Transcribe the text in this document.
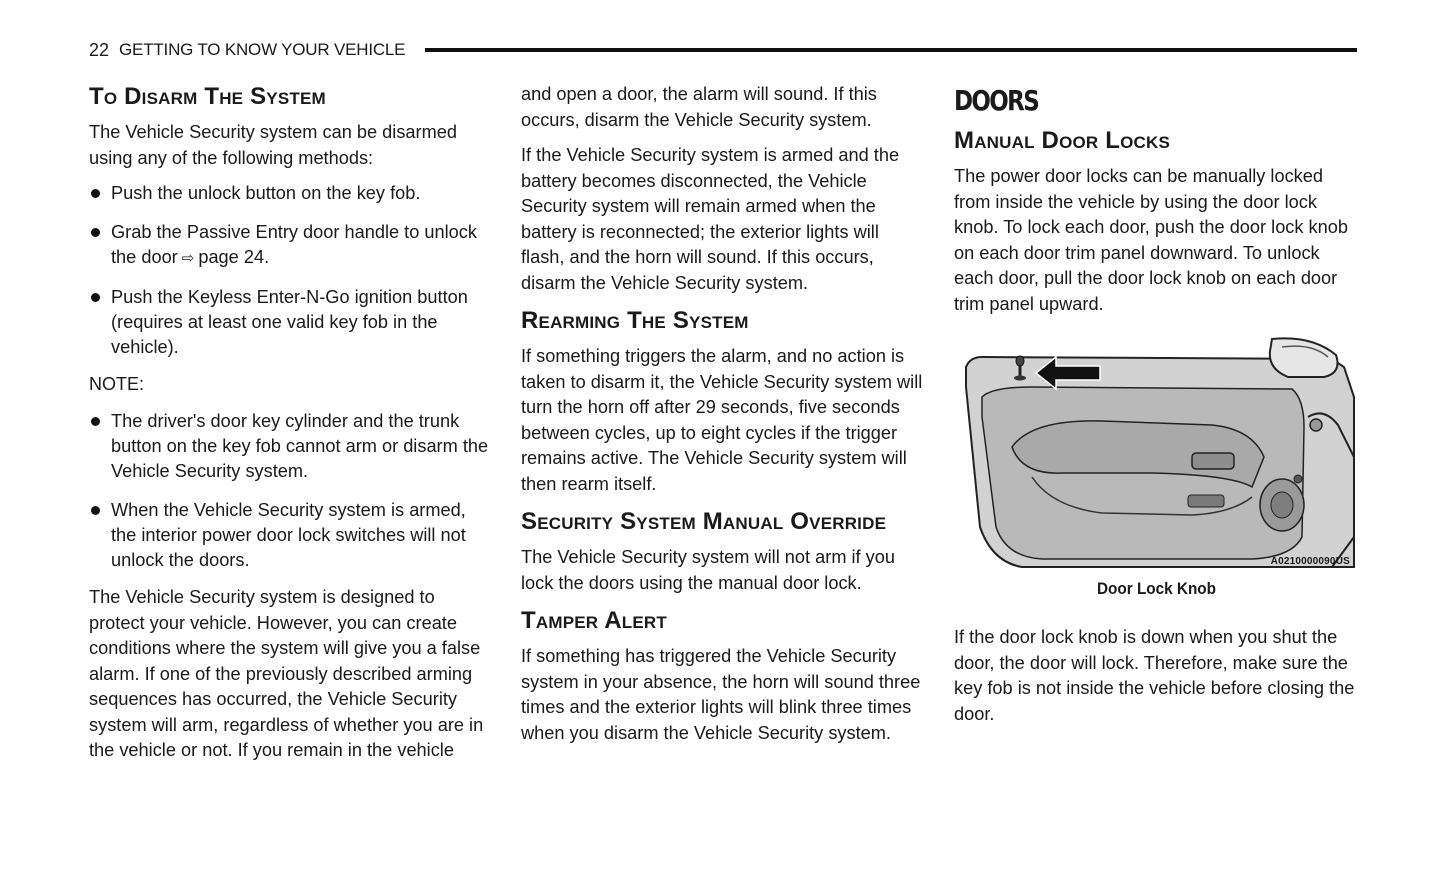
22 GETTING TO KNOW YOUR VEHICLE
To Disarm The System

The Vehicle Security system can be disarmed using any of the following methods:

Push the unlock button on the key fob.
Grab the Passive Entry door handle to unlock the door ⇨ page 24.
Push the Keyless Enter-N-Go ignition button (requires at least one valid key fob in the vehicle).
NOTE:
The driver's door key cylinder and the trunk button on the key fob cannot arm or disarm the Vehicle Security system.
When the Vehicle Security system is armed, the interior power door lock switches will not unlock the doors.

The Vehicle Security system is designed to protect your vehicle. However, you can create conditions where the system will give you a false alarm. If one of the previously described arming sequences has occurred, the Vehicle Security system will arm, regardless of whether you are in the vehicle or not. If you remain in the vehicle

and open a door, the alarm will sound. If this occurs, disarm the Vehicle Security system.

If the Vehicle Security system is armed and the battery becomes disconnected, the Vehicle Security system will remain armed when the battery is reconnected; the exterior lights will flash, and the horn will sound. If this occurs, disarm the Vehicle Security system.

Rearming The System

If something triggers the alarm, and no action is taken to disarm it, the Vehicle Security system will turn the horn off after 29 seconds, five seconds between cycles, up to eight cycles if the trigger remains active. The Vehicle Security system will then rearm itself.

Security System Manual Override

The Vehicle Security system will not arm if you lock the doors using the manual door lock.

Tamper Alert

If something has triggered the Vehicle Security system in your absence, the horn will sound three times and the exterior lights will blink three times when you disarm the Vehicle Security system.

DOORS
Manual Door Locks

The power door locks can be manually locked from inside the vehicle by using the door lock knob. To lock each door, push the door lock knob on each door trim panel downward. To unlock each door, pull the door lock knob on each door trim panel upward.

A0210000090US
Door Lock Knob

If the door lock knob is down when you shut the door, the door will lock. Therefore, make sure the key fob is not inside the vehicle before closing the door.
